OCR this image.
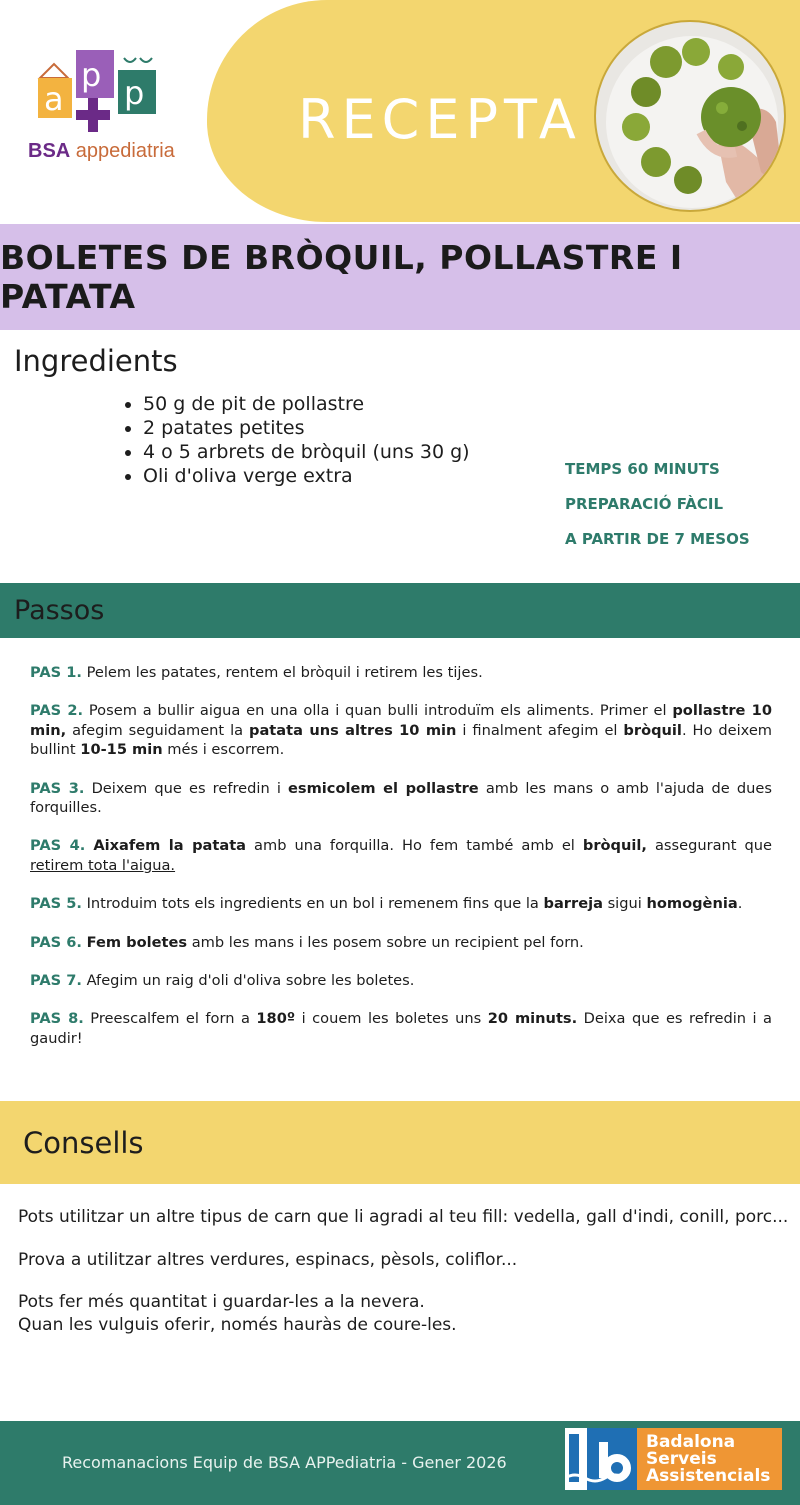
a
p p
BSA appediatria RECEPTA
BOLETES DE BRÒQUIL, POLLASTRE I PATATA
Ingredients
50 g de pit de pollastre
2 patates petites
4 o 5 arbrets de bròquil (uns 30 g)
Oli d'oliva verge extra	TEMPS 60 MINUTS
PREPARACIÓ FÀCIL
A PARTIR DE 7 MESOS
Passos
PAS 1. Pelem les patates, rentem el bròquil i retirem les tijes.
PAS 2. Posem a bullir aigua en una olla i quan bulli introduïm els aliments. Primer el pollastre 10 min, afegim seguidament la patata uns altres 10 min i finalment afegim el bròquil. Ho deixem bullint 10-15 min més i escorrem.
PAS 3. Deixem que es refredin i esmicolem el pollastre amb les mans o amb l'ajuda de dues forquilles.
PAS 4. Aixafem la patata amb una forquilla. Ho fem també amb el bròquil, assegurant que retirem tota l'aigua.
PAS 5. Introduim tots els ingredients en un bol i remenem fins que la barreja sigui homogènia.
PAS 6. Fem boletes amb les mans i les posem sobre un recipient pel forn.
PAS 7. Afegim un raig d'oli d'oliva sobre les boletes.
PAS 8. Preescalfem el forn a 180º i couem les boletes uns 20 minuts. Deixa que es refredin i a gaudir!
Consells
Pots utilitzar un altre tipus de carn que li agradi al teu fill: vedella, gall d'indi, conill, porc...
Prova a utilitzar altres verdures, espinacs, pèsols, coliflor...
Pots fer més quantitat i guardar-les a la nevera.
Quan les vulguis oferir, només hauràs de coure-les.
Recomanacions Equip de BSA APPediatria - Gener 2026
Badalona
Serveis
Assistencials
